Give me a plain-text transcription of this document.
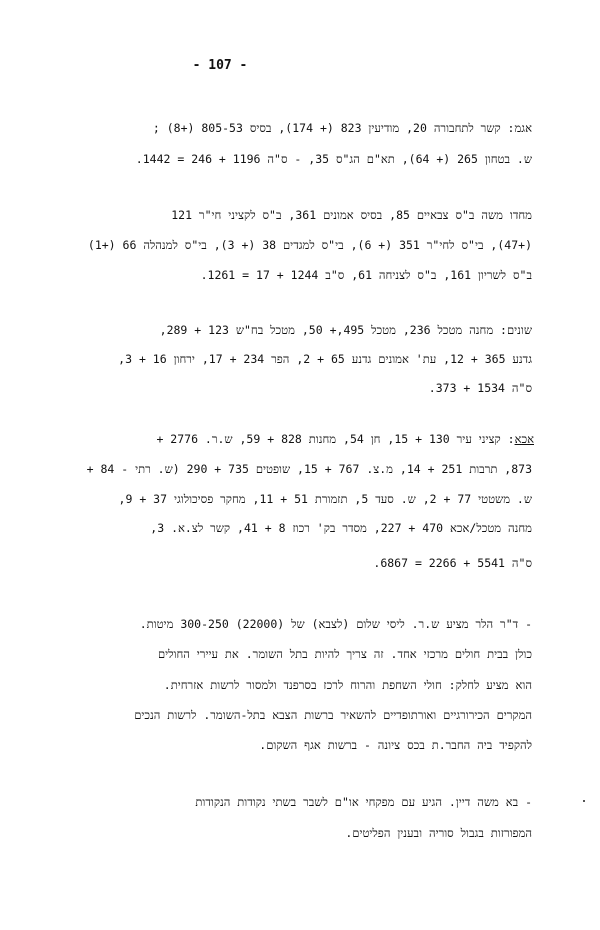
- 107 -
אגמ: קשר לתחבורה 20, מודיעין 823 (+ 174), בסיס 805-53 (+8) ;
ש. בטחון 265 (+ 64), תא"ם הג"ס 35, - ס"ה 1196 + 246 = 1442.
מחדו משה ב"ס צבאיים 85, בסיס אמונים 361, ב"ס לקציני חי"ר 121
(+47), בי"ס לחי"ר 351 (+ 6), בי"ס למגדים 38 (+ 3), בי"ס למנהלה 66 (+1)
ב"ס לשריון 161, ב"ס לצניחה 61, ס"ב 1244 + 17 = 1261.
שונים: מחנה מטכל 236, מטכל 495,+ 50, מטכל בח"ש 123 + 289,
גדנע 365 + 12, עת' אמונים גדנע 65 + 2, הפר 234 + 17, ירחון 16 + 3,
ס"ה 1534 + 373.
אכא: קציני עיר 130 + 15, חן 54, מחנות 828 + 59, ש.ר. 2776 +
873, תרבות 251 + 14, מ.צ. 767 + 15, שופטים 735 + 290 (ש. רתי - 84 +
ש. משטטי 77 + 2, ש. סעד 5, תזמורת 51 + 11, מחקר פסיכולוגי 37 + 9,
מחנה מטכל/אכא 470 + 227, מסדר בק' רכוז 8 + 41, קשר לצ.א. 3,
ס"ה 5541 + 2266 = 6867.
- ד"ר הלר מציע ש.ר. ליסי שלום (לצבא) של (22000) 300-250 מיטות.
כולן בבית חולים מרכזי אחד. זה צריך להיות בתל השומר. את עיירי החולים
הוא מציע לחלק: חולי השחפת והרוח לרכז בסרפנד ולמסור לרשות אזרחית.
המקרים הכירורגיים ואורתופדיים להשאיר ברשות הצבא בתל-השומר. לרשות הנכים
להקפיד ביה החבר.ת בכס ציונה - ברשות אגף השקום.
- בא משה דיין. הגיע עם מפקחי או"ם לשבר בשתי נקודות הנקודות
המפורזות בגבול סוריה ובענין הפליטים.
